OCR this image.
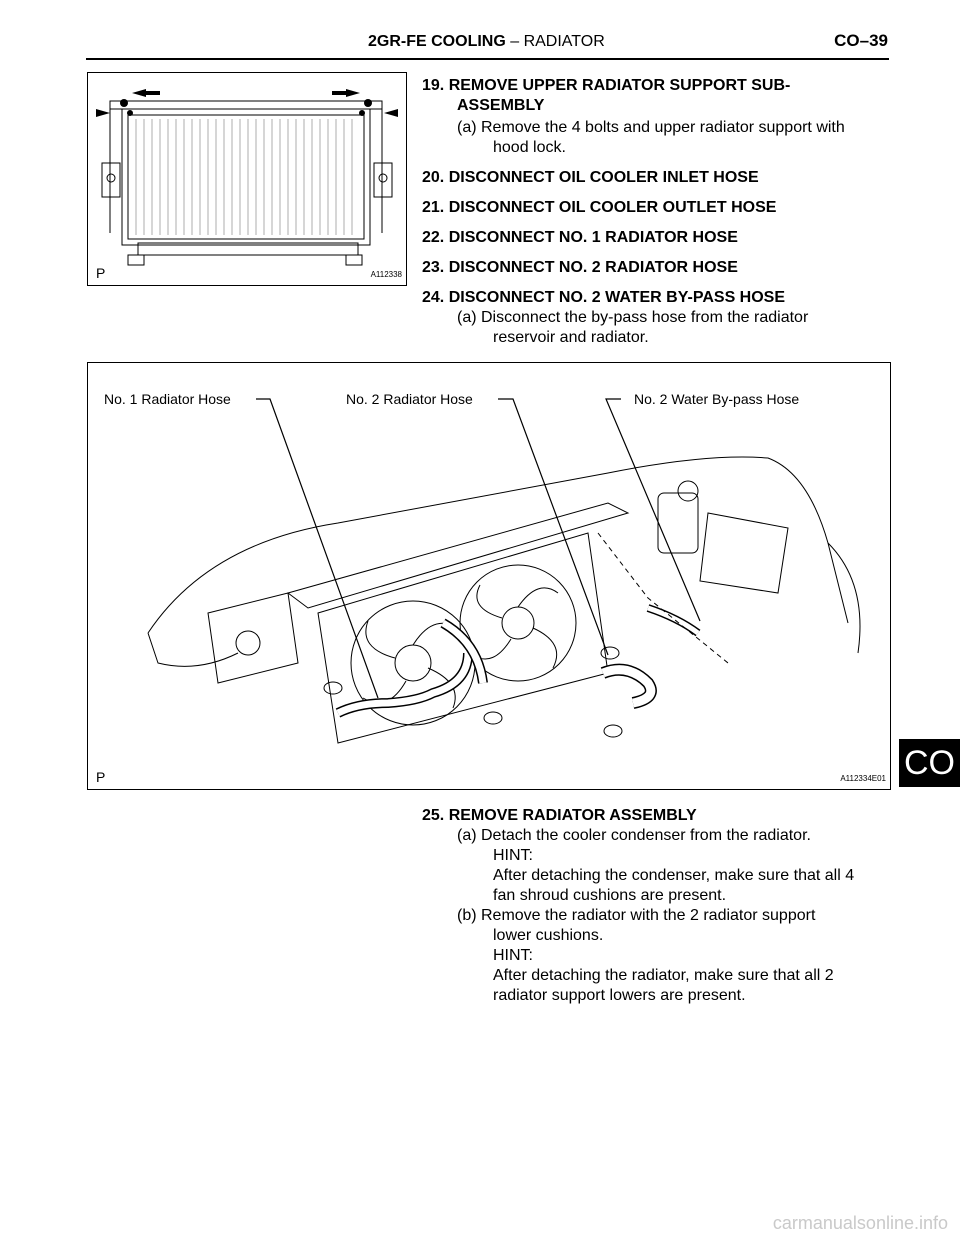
2GR-FE COOLING – RADIATOR	CO–39
P	A112338
19. REMOVE UPPER RADIATOR SUPPORT SUB-
ASSEMBLY
(a) Remove the 4 bolts and upper radiator support with
hood lock.
20. DISCONNECT OIL COOLER INLET HOSE
21. DISCONNECT OIL COOLER OUTLET HOSE
22. DISCONNECT NO. 1 RADIATOR HOSE
23. DISCONNECT NO. 2 RADIATOR HOSE
24. DISCONNECT NO. 2 WATER BY-PASS HOSE
(a) Disconnect the by-pass hose from the radiator
reservoir and radiator.
No. 1 Radiator Hose	No. 2 Radiator Hose	No. 2 Water By-pass Hose
P	A112334E01
25. REMOVE RADIATOR ASSEMBLY
(a) Detach the cooler condenser from the radiator.
HINT:
After detaching the condenser, make sure that all 4
fan shroud cushions are present.
(b) Remove the radiator with the 2 radiator support
lower cushions.
HINT:
After detaching the radiator, make sure that all 2
radiator support lowers are present.
CO
carmanualsonline.info
